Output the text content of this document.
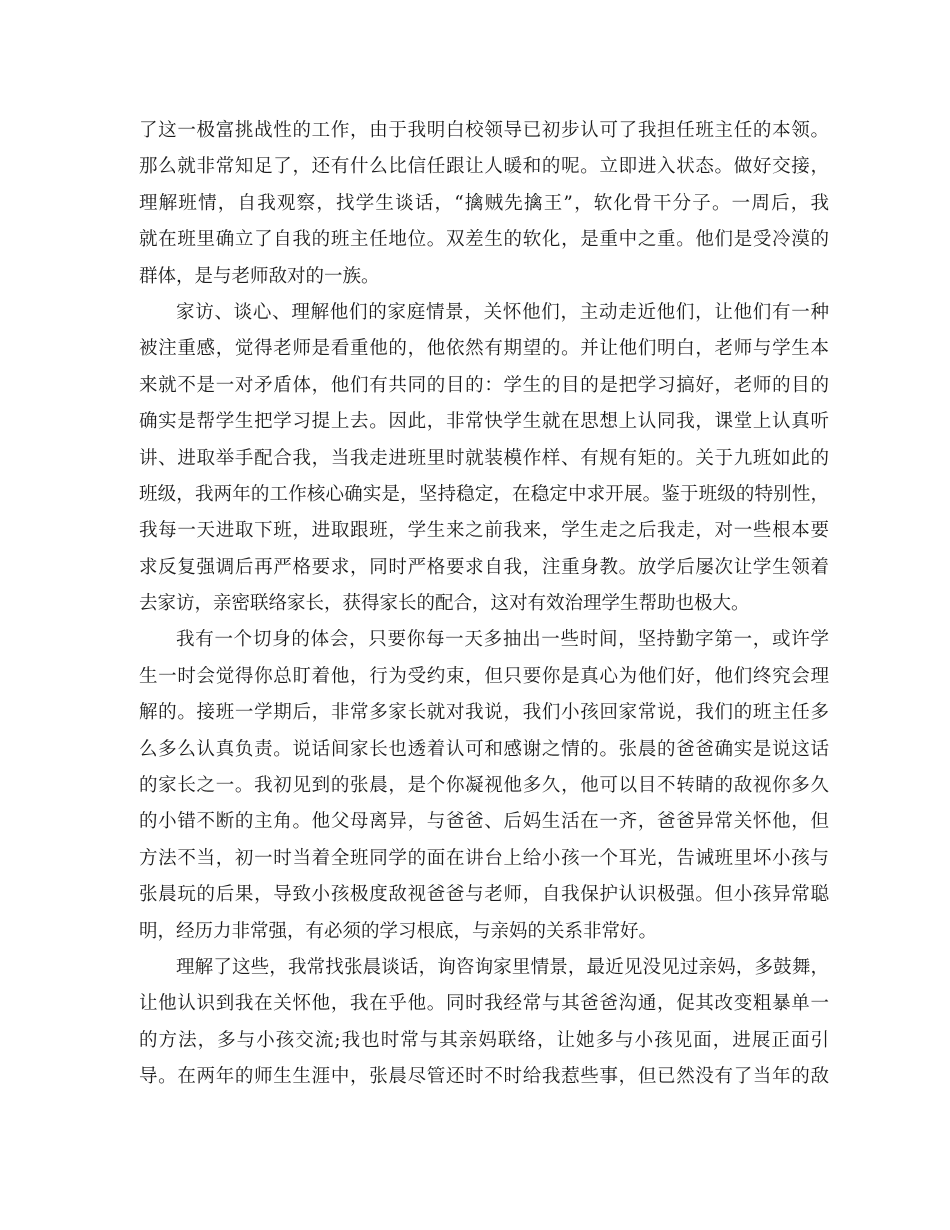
了这一极富挑战性的工作，由于我明白校领导已初步认可了我担任班主任的本领。
那么就非常知足了，还有什么比信任跟让人暖和的呢。立即进入状态。做好交接，
理解班情，自我观察，找学生谈话，“擒贼先擒王”，软化骨干分子。一周后，我
就在班里确立了自我的班主任地位。双差生的软化，是重中之重。他们是受冷漠的
群体，是与老师敌对的一族。
家访、谈心、理解他们的家庭情景，关怀他们，主动走近他们，让他们有一种
被注重感，觉得老师是看重他的，他依然有期望的。并让他们明白，老师与学生本
来就不是一对矛盾体，他们有共同的目的：学生的目的是把学习搞好，老师的目的
确实是帮学生把学习提上去。因此，非常快学生就在思想上认同我，课堂上认真听
讲、进取举手配合我，当我走进班里时就装模作样、有规有矩的。关于九班如此的
班级，我两年的工作核心确实是，坚持稳定，在稳定中求开展。鉴于班级的特别性，
我每一天进取下班，进取跟班，学生来之前我来，学生走之后我走，对一些根本要
求反复强调后再严格要求，同时严格要求自我，注重身教。放学后屡次让学生领着
去家访，亲密联络家长，获得家长的配合，这对有效治理学生帮助也极大。
我有一个切身的体会，只要你每一天多抽出一些时间，坚持勤字第一，或许学
生一时会觉得你总盯着他，行为受约束，但只要你是真心为他们好，他们终究会理
解的。接班一学期后，非常多家长就对我说，我们小孩回家常说，我们的班主任多
么多么认真负责。说话间家长也透着认可和感谢之情的。张晨的爸爸确实是说这话
的家长之一。我初见到的张晨，是个你凝视他多久，他可以目不转睛的敌视你多久
的小错不断的主角。他父母离异，与爸爸、后妈生活在一齐，爸爸异常关怀他，但
方法不当，初一时当着全班同学的面在讲台上给小孩一个耳光，告诫班里坏小孩与
张晨玩的后果，导致小孩极度敌视爸爸与老师，自我保护认识极强。但小孩异常聪
明，经历力非常强，有必须的学习根底，与亲妈的关系非常好。
理解了这些，我常找张晨谈话，询咨询家里情景，最近见没见过亲妈，多鼓舞，
让他认识到我在关怀他，我在乎他。同时我经常与其爸爸沟通，促其改变粗暴单一
的方法，多与小孩交流;我也时常与其亲妈联络，让她多与小孩见面，进展正面引
导。在两年的师生生涯中，张晨尽管还时不时给我惹些事，但已然没有了当年的敌
